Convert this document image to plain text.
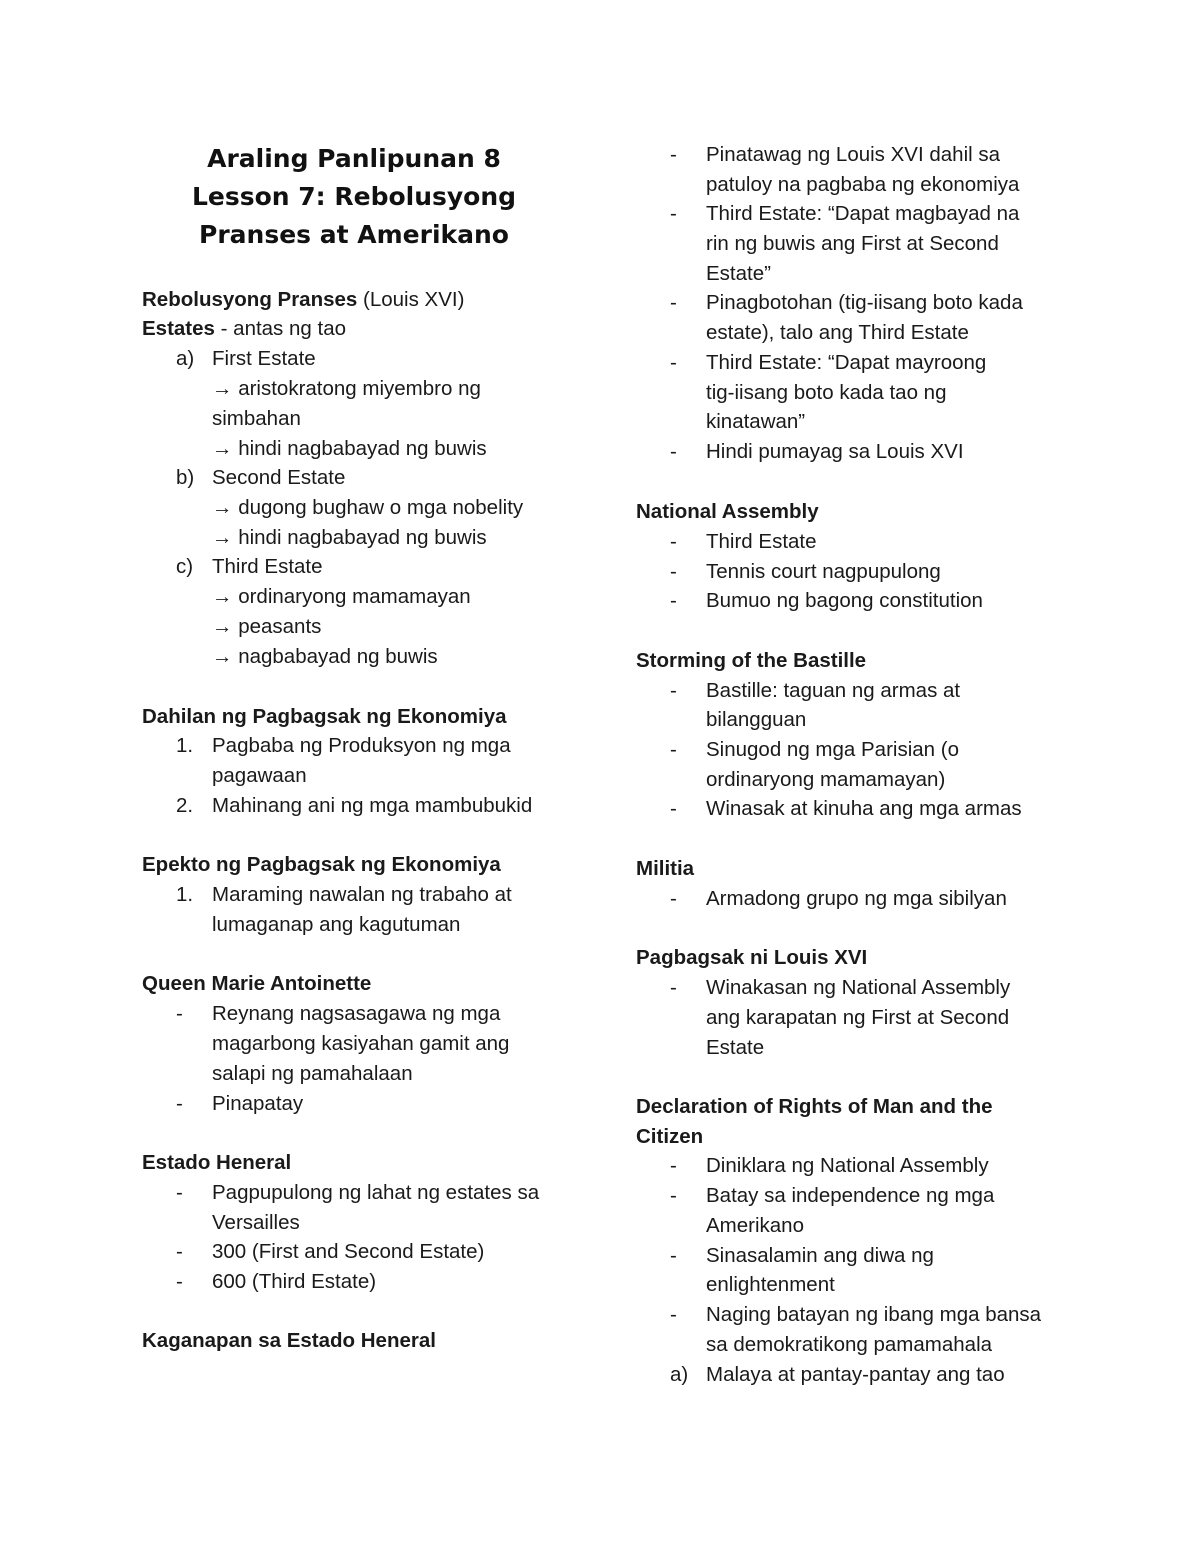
Araling Panlipunan 8
Lesson 7: Rebolusyong
Pranses at Amerikano
Rebolusyong Pranses (Louis XVI)
Estates - antas ng tao
a) First Estate
→ aristokratong miyembro ng
simbahan
→ hindi nagbabayad ng buwis
b) Second Estate
→ dugong bughaw o mga nobelity
→ hindi nagbabayad ng buwis
c) Third Estate
→ ordinaryong mamamayan
→ peasants
→ nagbabayad ng buwis
Dahilan ng Pagbagsak ng Ekonomiya
1. Pagbaba ng Produksyon ng mga
pagawaan
2. Mahinang ani ng mga mambubukid
Epekto ng Pagbagsak ng Ekonomiya
1. Maraming nawalan ng trabaho at
lumaganap ang kagutuman
Queen Marie Antoinette
- Reynang nagsasagawa ng mga
magarbong kasiyahan gamit ang
salapi ng pamahalaan
- Pinapatay
Estado Heneral
- Pagpupulong ng lahat ng estates sa
Versailles
- 300 (First and Second Estate)
- 600 (Third Estate)
Kaganapan sa Estado Heneral
- Pinatawag ng Louis XVI dahil sa
patuloy na pagbaba ng ekonomiya
- Third Estate: “Dapat magbayad na
rin ng buwis ang First at Second
Estate”
- Pinagbotohan (tig-iisang boto kada
estate), talo ang Third Estate
- Third Estate: “Dapat mayroong
tig-iisang boto kada tao ng
kinatawan”
- Hindi pumayag sa Louis XVI
National Assembly
- Third Estate
- Tennis court nagpupulong
- Bumuo ng bagong constitution
Storming of the Bastille
- Bastille: taguan ng armas at
bilangguan
- Sinugod ng mga Parisian (o
ordinaryong mamamayan)
- Winasak at kinuha ang mga armas
Militia
- Armadong grupo ng mga sibilyan
Pagbagsak ni Louis XVI
- Winakasan ng National Assembly
ang karapatan ng First at Second
Estate
Declaration of Rights of Man and the
Citizen
- Diniklara ng National Assembly
- Batay sa independence ng mga
Amerikano
- Sinasalamin ang diwa ng
enlightenment
- Naging batayan ng ibang mga bansa
sa demokratikong pamamahala
a) Malaya at pantay-pantay ang tao
